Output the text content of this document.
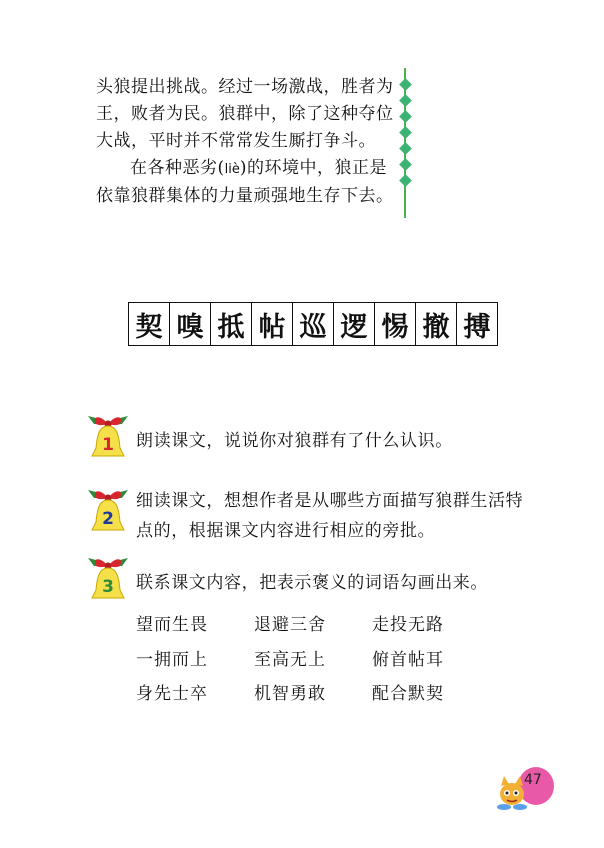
头狼提出挑战。经过一场激战，胜者为

王，败者为民。狼群中，除了这种夺位

大战，平时并不常常发生厮打争斗。

在各种恶劣(liè)的环境中，狼正是

依靠狼群集体的力量顽强地生存下去。

契 嗅 抵 帖 巡 逻 惕 撤 搏
1 朗读课文，说说你对狼群有了什么认识。
2
细读课文，想想作者是从哪些方面描写狼群生活特
点的，根据课文内容进行相应的旁批。
3 联系课文内容，把表示褒义的词语勾画出来。
望而生畏	退避三舍	走投无路
一拥而上	至高无上	俯首帖耳
身先士卒	机智勇敢	配合默契
47
